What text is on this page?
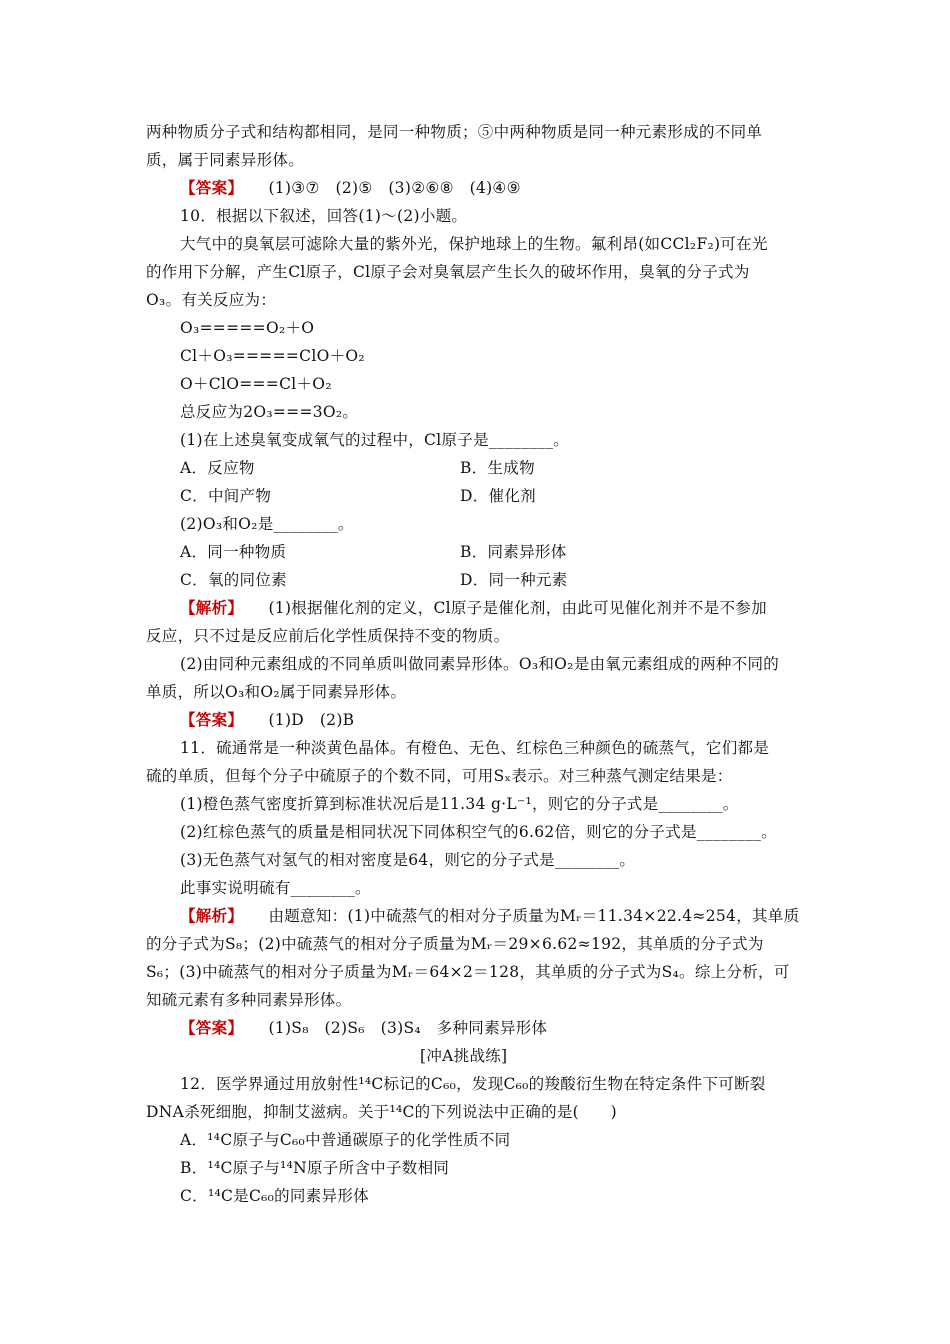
两种物质分子式和结构都相同，是同一种物质；⑤中两种物质是同一种元素形成的不同单
质，属于同素异形体。
【答案】 (1)③⑦　(2)⑤　(3)②⑥⑧　(4)④⑨
10．根据以下叙述，回答(1)～(2)小题。
大气中的臭氧层可滤除大量的紫外光，保护地球上的生物。氟利昂(如CCl₂F₂)可在光
的作用下分解，产生Cl原子，Cl原子会对臭氧层产生长久的破坏作用，臭氧的分子式为
O₃。有关反应为：
O₃=====O₂＋O
Cl＋O₃=====ClO＋O₂
O＋ClO===Cl＋O₂
总反应为2O₃===3O₂。
(1)在上述臭氧变成氧气的过程中，Cl原子是________。
A．反应物	B．生成物
C．中间产物	D．催化剂
(2)O₃和O₂是________。
A．同一种物质	B．同素异形体
C．氧的同位素	D．同一种元素
【解析】 (1)根据催化剂的定义，Cl原子是催化剂，由此可见催化剂并不是不参加
反应，只不过是反应前后化学性质保持不变的物质。
(2)由同种元素组成的不同单质叫做同素异形体。O₃和O₂是由氧元素组成的两种不同的
单质，所以O₃和O₂属于同素异形体。
【答案】 (1)D　(2)B
11．硫通常是一种淡黄色晶体。有橙色、无色、红棕色三种颜色的硫蒸气，它们都是
硫的单质，但每个分子中硫原子的个数不同，可用Sₓ表示。对三种蒸气测定结果是：
(1)橙色蒸气密度折算到标准状况后是11.34 g·L⁻¹，则它的分子式是________。
(2)红棕色蒸气的质量是相同状况下同体积空气的6.62倍，则它的分子式是________。
(3)无色蒸气对氢气的相对密度是64，则它的分子式是________。
此事实说明硫有________。
【解析】 由题意知：(1)中硫蒸气的相对分子质量为Mᵣ＝11.34×22.4≈254，其单质
的分子式为S₈；(2)中硫蒸气的相对分子质量为Mᵣ＝29×6.62≈192，其单质的分子式为
S₆；(3)中硫蒸气的相对分子质量为Mᵣ＝64×2＝128，其单质的分子式为S₄。综上分析，可
知硫元素有多种同素异形体。
【答案】 (1)S₈　(2)S₆　(3)S₄　多种同素异形体
[冲A挑战练]
12．医学界通过用放射性¹⁴C标记的C₆₀，发现C₆₀的羧酸衍生物在特定条件下可断裂
DNA杀死细胞，抑制艾滋病。关于¹⁴C的下列说法中正确的是(　　)
A．¹⁴C原子与C₆₀中普通碳原子的化学性质不同
B．¹⁴C原子与¹⁴N原子所含中子数相同
C．¹⁴C是C₆₀的同素异形体
